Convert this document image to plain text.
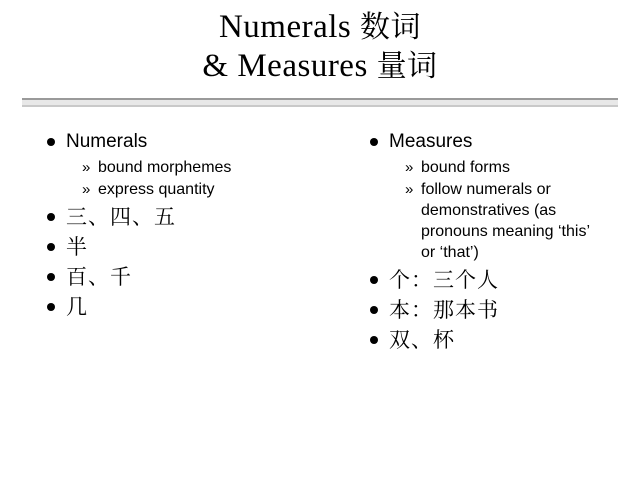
Numerals 数词
& Measures 量词
Numerals
» bound morphemes
» express quantity
三、四、五
半
百、千
几
Measures
» bound forms
» follow numerals or demonstratives (as pronouns meaning ‘this’ or ‘that’)
个：三个人
本：那本书
双、杯
